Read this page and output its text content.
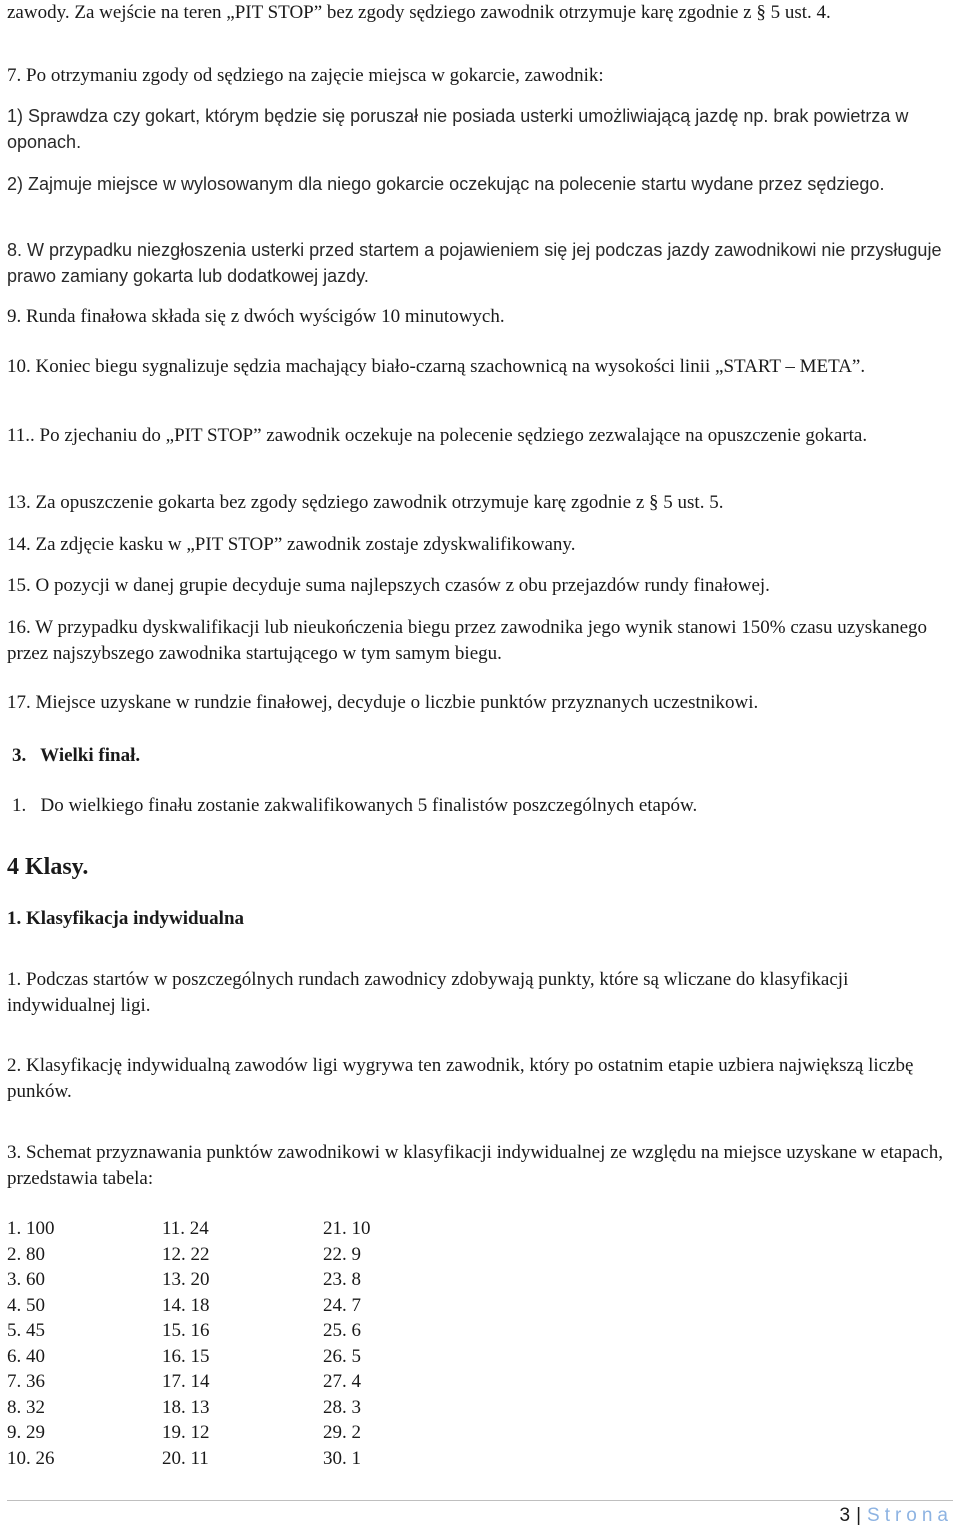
zawody. Za wejście na teren „PIT STOP” bez zgody sędziego zawodnik otrzymuje karę zgodnie z § 5 ust. 4.

7. Po otrzymaniu zgody od sędziego na zajęcie miejsca w gokarcie, zawodnik:

1) Sprawdza czy gokart, którym będzie się poruszał nie posiada usterki umożliwiającą jazdę np. brak powietrza w oponach.

2) Zajmuje miejsce w wylosowanym dla niego gokarcie oczekując na polecenie startu wydane przez sędziego.

8. W przypadku niezgłoszenia usterki przed startem a pojawieniem się jej podczas jazdy zawodnikowi nie przysługuje prawo zamiany gokarta lub dodatkowej jazdy.

9. Runda finałowa składa się z dwóch wyścigów 10 minutowych.

10. Koniec biegu sygnalizuje sędzia machający biało-czarną szachownicą na wysokości linii „START – META”.

11.. Po zjechaniu do „PIT STOP” zawodnik oczekuje na polecenie sędziego zezwalające na opuszczenie gokarta.

13. Za opuszczenie gokarta bez zgody sędziego zawodnik otrzymuje karę zgodnie z § 5 ust. 5.

14. Za zdjęcie kasku w „PIT STOP” zawodnik zostaje zdyskwalifikowany.

15. O pozycji w danej grupie decyduje suma najlepszych czasów z obu przejazdów rundy finałowej.

16. W przypadku dyskwalifikacji lub nieukończenia biegu przez zawodnika jego wynik stanowi 150% czasu uzyskanego przez najszybszego zawodnika startującego w tym samym biegu.

17. Miejsce uzyskane w rundzie finałowej, decyduje o liczbie punktów przyznanych uczestnikowi.

3.   Wielki finał.

1.   Do wielkiego finału zostanie zakwalifikowanych 5 finalistów poszczególnych etapów.

4 Klasy.

1. Klasyfikacja indywidualna

1. Podczas startów w poszczególnych rundach zawodnicy zdobywają punkty, które są wliczane do klasyfikacji indywidualnej ligi.

2. Klasyfikację indywidualną zawodów ligi wygrywa ten zawodnik, który po ostatnim etapie uzbiera największą liczbę punków.

3. Schemat przyznawania punktów zawodnikowi w klasyfikacji indywidualnej ze względu na miejsce uzyskane w etapach, przedstawia tabela:

1. 100	11. 24	21. 10
2. 80	12. 22	22. 9
3. 60	13. 20	23. 8
4. 50	14. 18	24. 7
5. 45	15. 16	25. 6
6. 40	16. 15	26. 5
7. 36	17. 14	27. 4
8. 32	18. 13	28. 3
9. 29	19. 12	29. 2
10. 26	20. 11	30. 1
3 | Strona
